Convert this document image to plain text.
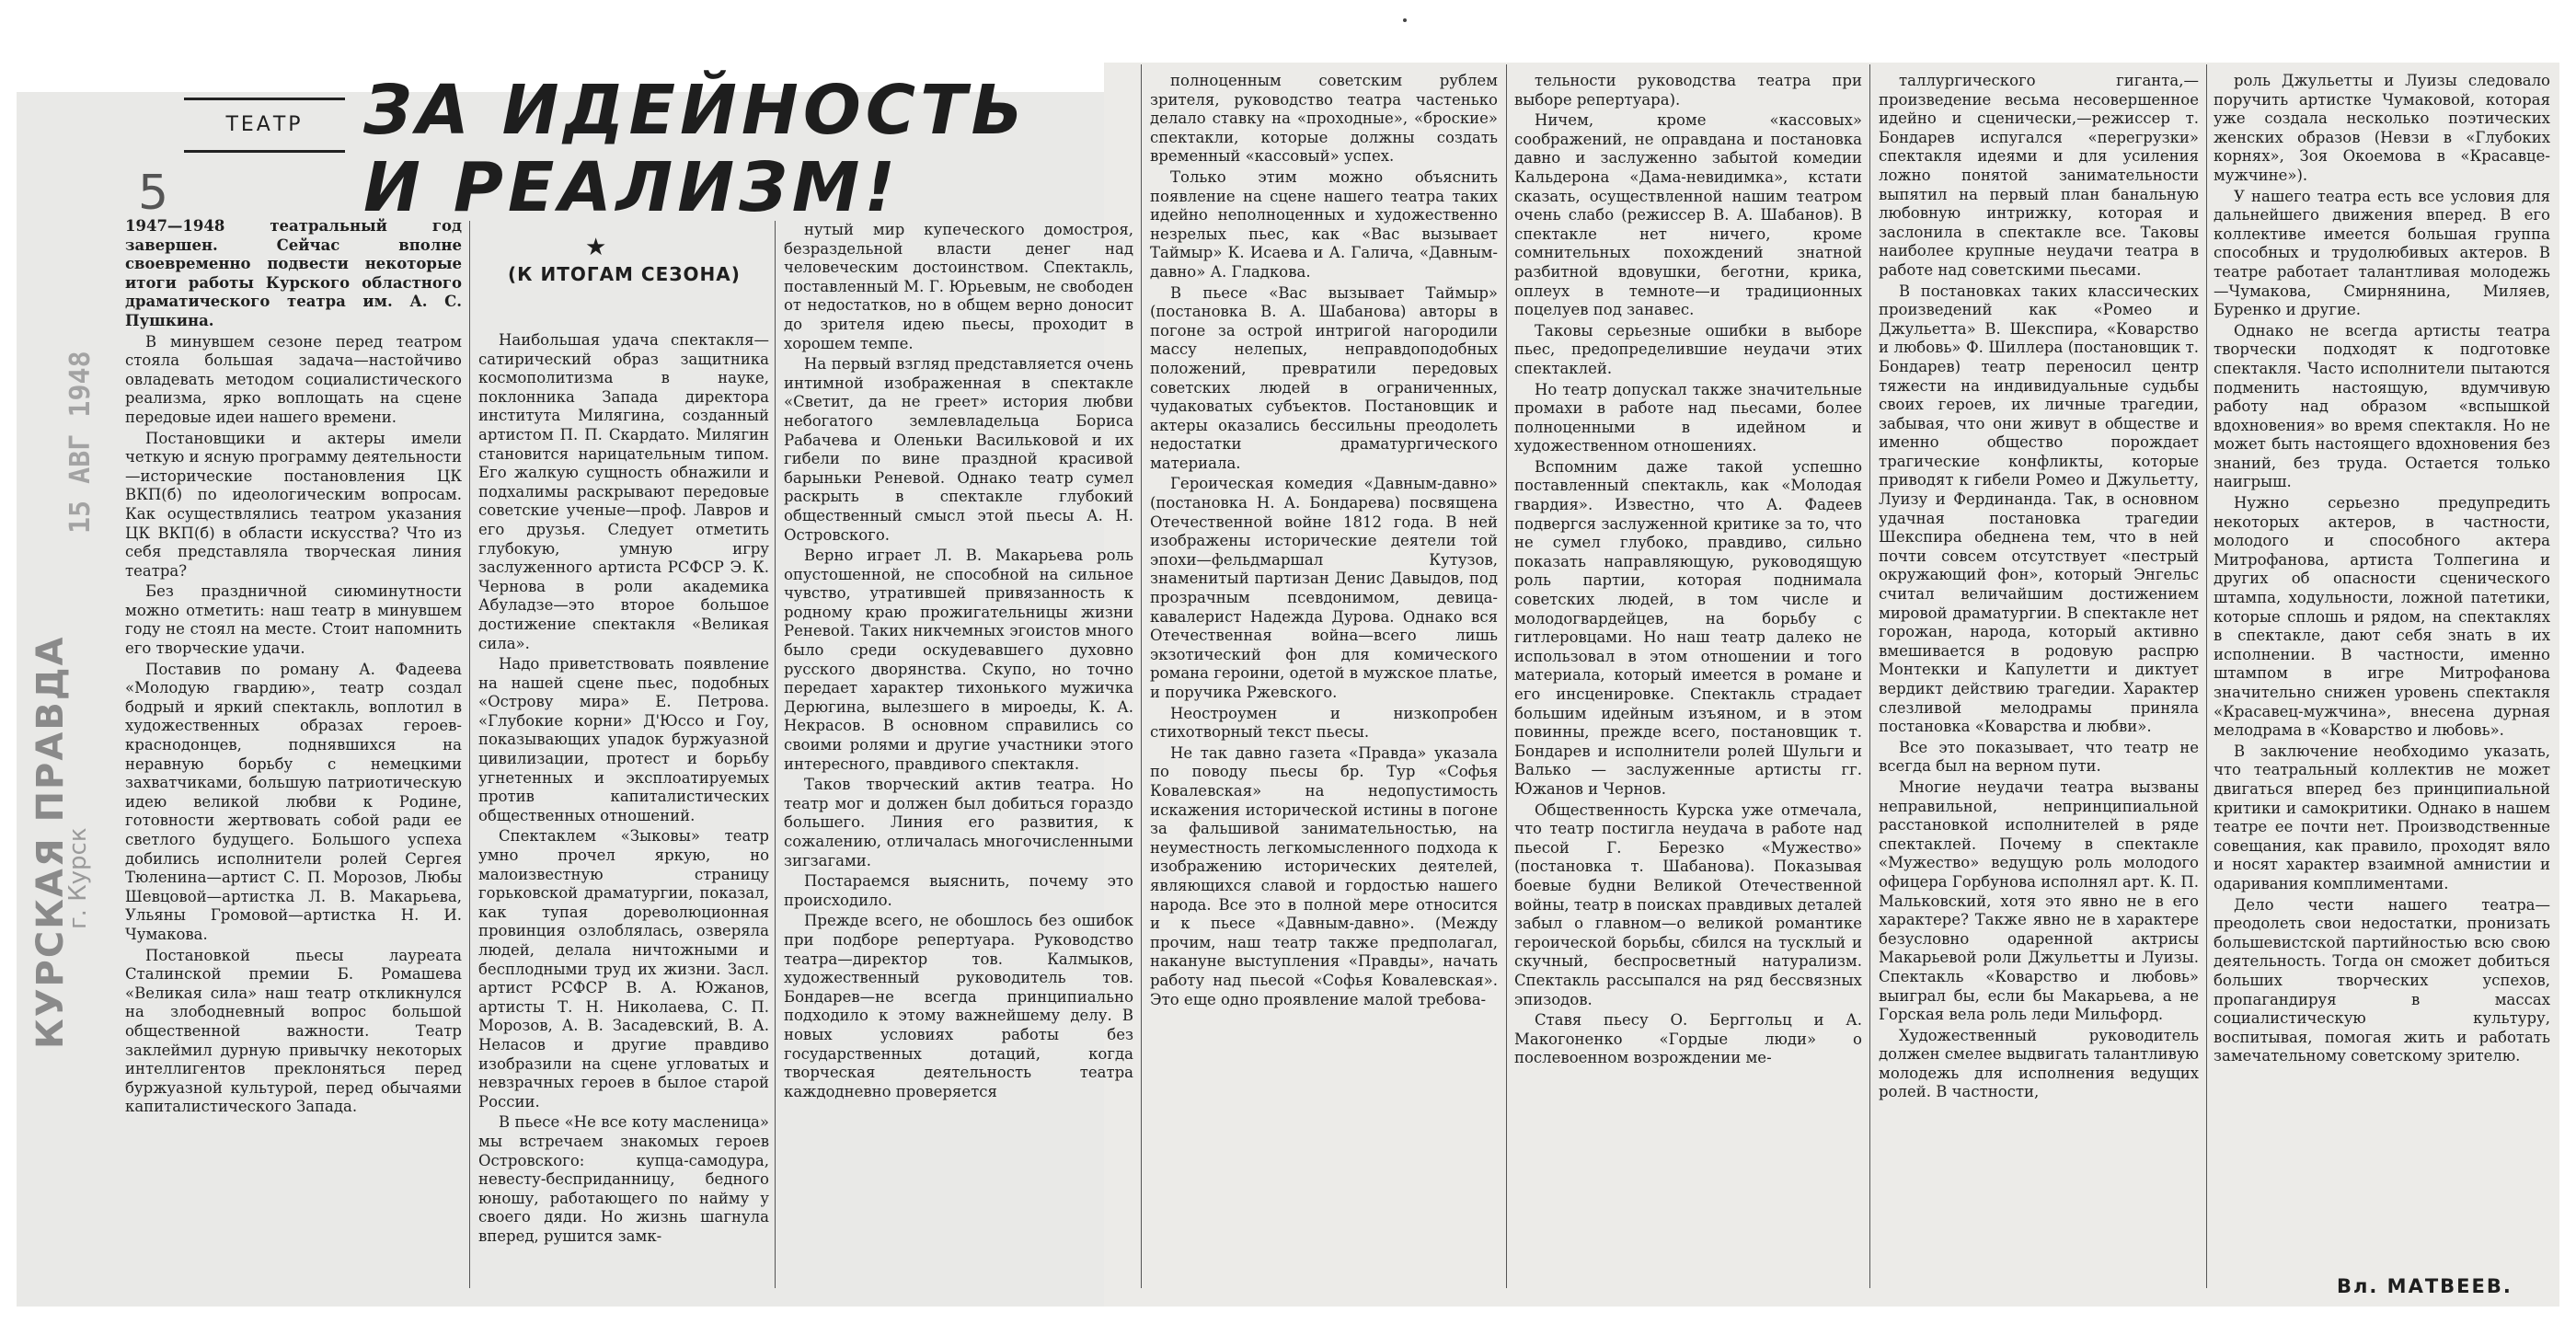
КУРСКАЯ ПРАВДА
г. Курск
15 АВГ 1948
5
ТЕАТР ЗА ИДЕЙНОСТЬ
И РЕАЛИЗМ!
★
(К ИТОГАМ СЕЗОНА)

1947—1948 театральный год завершен. Сейчас вполне своевременно подвести некоторые итоги работы Курского областного драматического театра им. А. С. Пушкина.

В минувшем сезоне перед театром стояла большая задача—настойчиво овладевать методом социалистического реализма, ярко воплощать на сцене передовые идеи нашего времени.

Постановщики и актеры имели четкую и ясную программу деятельности—исторические постановления ЦК ВКП(б) по идеологическим вопросам. Как осуществлялись театром указания ЦК ВКП(б) в области искусства? Что из себя представляла творческая линия театра?

Без праздничной сиюминутности можно отметить: наш театр в минувшем году не стоял на месте. Стоит напомнить его творческие удачи.

Поставив по роману А. Фадеева «Молодую гвардию», театр создал бодрый и яркий спектакль, воплотил в художественных образах героев-краснодонцев, поднявшихся на неравную борьбу с немецкими захватчиками, большую патриотическую идею великой любви к Родине, готовности жертвовать собой ради ее светлого будущего. Большого успеха добились исполнители ролей Сергея Тюленина—артист С. П. Морозов, Любы Шевцовой—артистка Л. В. Макарьева, Ульяны Громовой—артистка Н. И. Чумакова.

Постановкой пьесы лауреата Сталинской премии Б. Ромашева «Великая сила» наш театр откликнулся на злободневный вопрос большой общественной важности. Театр заклеймил дурную привычку некоторых интеллигентов преклоняться перед буржуазной культурой, перед обычаями капиталистического Запада.

Наибольшая удача спектакля—сатирический образ защитника космополитизма в науке, поклонника Запада директора института Милягина, созданный артистом П. П. Скардато. Милягин становится нарицательным типом. Его жалкую сущность обнажили и подхалимы раскрывают передовые советские ученые—проф. Лавров и его друзья. Следует отметить глубокую, умную игру заслуженного артиста РСФСР Э. К. Чернова в роли академика Абуладзе—это второе большое достижение спектакля «Великая сила».

Надо приветствовать появление на нашей сцене пьес, подобных «Острову мира» Е. Петрова. «Глубокие корни» Д'Юссо и Гоу, показывающих упадок буржуазной цивилизации, протест и борьбу угнетенных и эксплоатируемых против капиталистических общественных отношений.

Спектаклем «Зыковы» театр умно прочел яркую, но малоизвестную страницу горьковской драматургии, показал, как тупая дореволюционная провинция озлоблялась, озверяла людей, делала ничтожными и бесплодными труд их жизни. Засл. артист РСФСР В. А. Южанов, артисты Т. Н. Николаева, С. П. Морозов, А. В. Засадевский, В. А. Неласов и другие правдиво изобразили на сцене угловатых и невзрачных героев в былое старой России.

В пьесе «Не все коту масленица» мы встречаем знакомых героев Островского: купца-самодура, невесту-бесприданницу, бедного юношу, работающего по найму у своего дяди. Но жизнь шагнула вперед, рушится замк-

нутый мир купеческого домостроя, безраздельной власти денег над человеческим достоинством. Спектакль, поставленный М. Г. Юрьевым, не свободен от недостатков, но в общем верно доносит до зрителя идею пьесы, проходит в хорошем темпе.

На первый взгляд представляется очень интимной изображенная в спектакле «Светит, да не греет» история любви небогатого землевладельца Бориса Рабачева и Оленьки Васильковой и их гибели по вине праздной красивой барыньки Реневой. Однако театр сумел раскрыть в спектакле глубокий общественный смысл этой пьесы А. Н. Островского.

Верно играет Л. В. Макарьева роль опустошенной, не способной на сильное чувство, утратившей привязанность к родному краю прожигательницы жизни Реневой. Таких никчемных эгоистов много было среди оскудевавшего духовно русского дворянства. Скупо, но точно передает характер тихонького мужичка Дерюгина, вылезшего в мироеды, К. А. Некрасов. В основном справились со своими ролями и другие участники этого интересного, правдивого спектакля.

Таков творческий актив театра. Но театр мог и должен был добиться гораздо большего. Линия его развития, к сожалению, отличалась многочисленными зигзагами.

Постараемся выяснить, почему это происходило.

Прежде всего, не обошлось без ошибок при подборе репертуара. Руководство театра—директор тов. Калмыков, художественный руководитель тов. Бондарев—не всегда принципиально подходило к этому важнейшему делу. В новых условиях работы без государственных дотаций, когда творческая деятельность театра каждодневно проверяется

полноценным советским рублем зрителя, руководство театра частенько делало ставку на «проходные», «броские» спектакли, которые должны создать временный «кассовый» успех.

Только этим можно объяснить появление на сцене нашего театра таких идейно неполноценных и художественно незрелых пьес, как «Вас вызывает Таймыр» К. Исаева и А. Галича, «Давным-давно» А. Гладкова.

В пьесе «Вас вызывает Таймыр» (постановка В. А. Шабанова) авторы в погоне за острой интригой нагородили массу нелепых, неправдоподобных положений, превратили передовых советских людей в ограниченных, чудаковатых субъектов. Постановщик и актеры оказались бессильны преодолеть недостатки драматургического материала.

Героическая комедия «Давным-давно» (постановка Н. А. Бондарева) посвящена Отечественной войне 1812 года. В ней изображены исторические деятели той эпохи—фельдмаршал Кутузов, знаменитый партизан Денис Давыдов, под прозрачным псевдонимом, девица-кавалерист Надежда Дурова. Однако вся Отечественная война—всего лишь экзотический фон для комического романа героини, одетой в мужское платье, и поручика Ржевского.

Неостроумен и низкопробен стихотворный текст пьесы.

Не так давно газета «Правда» указала по поводу пьесы бр. Тур «Софья Ковалевская» на недопустимость искажения исторической истины в погоне за фальшивой занимательностью, на неуместность легкомысленного подхода к изображению исторических деятелей, являющихся славой и гордостью нашего народа. Все это в полной мере относится и к пьесе «Давным-давно». (Между прочим, наш театр также предполагал, накануне выступления «Правды», начать работу над пьесой «Софья Ковалевская». Это еще одно проявление малой требова-

тельности руководства театра при выборе репертуара).

Ничем, кроме «кассовых» соображений, не оправдана и постановка давно и заслуженно забытой комедии Кальдерона «Дама-невидимка», кстати сказать, осуществленной нашим театром очень слабо (режиссер В. А. Шабанов). В спектакле нет ничего, кроме сомнительных похождений знатной разбитной вдовушки, беготни, крика, оплеух в темноте—и традиционных поцелуев под занавес.

Таковы серьезные ошибки в выборе пьес, предопределившие неудачи этих спектаклей.

Но театр допускал также значительные промахи в работе над пьесами, более полноценными в идейном и художественном отношениях.

Вспомним даже такой успешно поставленный спектакль, как «Молодая гвардия». Известно, что А. Фадеев подвергся заслуженной критике за то, что не сумел глубоко, правдиво, сильно показать направляющую, руководящую роль партии, которая поднимала советских людей, в том числе и молодогвардейцев, на борьбу с гитлеровцами. Но наш театр далеко не использовал в этом отношении и того материала, который имеется в романе и его инсценировке. Спектакль страдает большим идейным изъяном, и в этом повинны, прежде всего, постановщик т. Бондарев и исполнители ролей Шульги и Валько — заслуженные артисты гг. Южанов и Чернов.

Общественность Курска уже отмечала, что театр постигла неудача в работе над пьесой Г. Березко «Мужество» (постановка т. Шабанова). Показывая боевые будни Великой Отечественной войны, театр в поисках правдивых деталей забыл о главном—о великой романтике героической борьбы, сбился на тусклый и скучный, беспросветный натурализм. Спектакль рассыпался на ряд бессвязных эпизодов.

Ставя пьесу О. Берггольц и А. Макогоненко «Гордые люди» о послевоенном возрождении ме-

таллургического гиганта,—произведение весьма несовершенное идейно и сценически,—режиссер т. Бондарев испугался «перегрузки» спектакля идеями и для усиления ложно понятой занимательности выпятил на первый план банальную любовную интрижку, которая и заслонила в спектакле все. Таковы наиболее крупные неудачи театра в работе над советскими пьесами.

В постановках таких классических произведений как «Ромео и Джульетта» В. Шекспира, «Коварство и любовь» Ф. Шиллера (постановщик т. Бондарев) театр переносил центр тяжести на индивидуальные судьбы своих героев, их личные трагедии, забывая, что они живут в обществе и именно общество порождает трагические конфликты, которые приводят к гибели Ромео и Джульетту, Луизу и Фердинанда. Так, в основном удачная постановка трагедии Шекспира обеднена тем, что в ней почти совсем отсутствует «пестрый окружающий фон», который Энгельс считал величайшим достижением мировой драматургии. В спектакле нет горожан, народа, который активно вмешивается в родовую распрю Монтекки и Капулетти и диктует вердикт действию трагедии. Характер слезливой мелодрамы приняла постановка «Коварства и любви».

Все это показывает, что театр не всегда был на верном пути.

Многие неудачи театра вызваны неправильной, непринципиальной расстановкой исполнителей в ряде спектаклей. Почему в спектакле «Мужество» ведущую роль молодого офицера Горбунова исполнял арт. К. П. Мальковский, хотя это явно не в его характере? Также явно не в характере безусловно одаренной актрисы Макарьевой роли Джульетты и Луизы. Спектакль «Коварство и любовь» выиграл бы, если бы Макарьева, а не Горская вела роль леди Мильфорд.

Художественный руководитель должен смелее выдвигать талантливую молодежь для исполнения ведущих ролей. В частности,

роль Джульетты и Луизы следовало поручить артистке Чумаковой, которая уже создала несколько поэтических женских образов (Невзи в «Глубоких корнях», Зоя Окоемова в «Красавце-мужчине»).

У нашего театра есть все условия для дальнейшего движения вперед. В его коллективе имеется большая группа способных и трудолюбивых актеров. В театре работает талантливая молодежь—Чумакова, Смирнянина, Миляев, Буренко и другие.

Однако не всегда артисты театра творчески подходят к подготовке спектакля. Часто исполнители пытаются подменить настоящую, вдумчивую работу над образом «вспышкой вдохновения» во время спектакля. Но не может быть настоящего вдохновения без знаний, без труда. Остается только наигрыш.

Нужно серьезно предупредить некоторых актеров, в частности, молодого и способного актера Митрофанова, артиста Толпегина и других об опасности сценического штампа, ходульности, ложной патетики, которые сплошь и рядом, на спектаклях в спектакле, дают себя знать в их исполнении. В частности, именно штампом в игре Митрофанова значительно снижен уровень спектакля «Красавец-мужчина», внесена дурная мелодрама в «Коварство и любовь».

В заключение необходимо указать, что театральный коллектив не может двигаться вперед без принципиальной критики и самокритики. Однако в нашем театре ее почти нет. Производственные совещания, как правило, проходят вяло и носят характер взаимной амнистии и одаривания комплиментами.

Дело чести нашего театра—преодолеть свои недостатки, пронизать большевистской партийностью всю свою деятельность. Тогда он сможет добиться больших творческих успехов, пропагандируя в массах социалистическую культуру, воспитывая, помогая жить и работать замечательному советскому зрителю.

Вл. МАТВЕЕВ.
